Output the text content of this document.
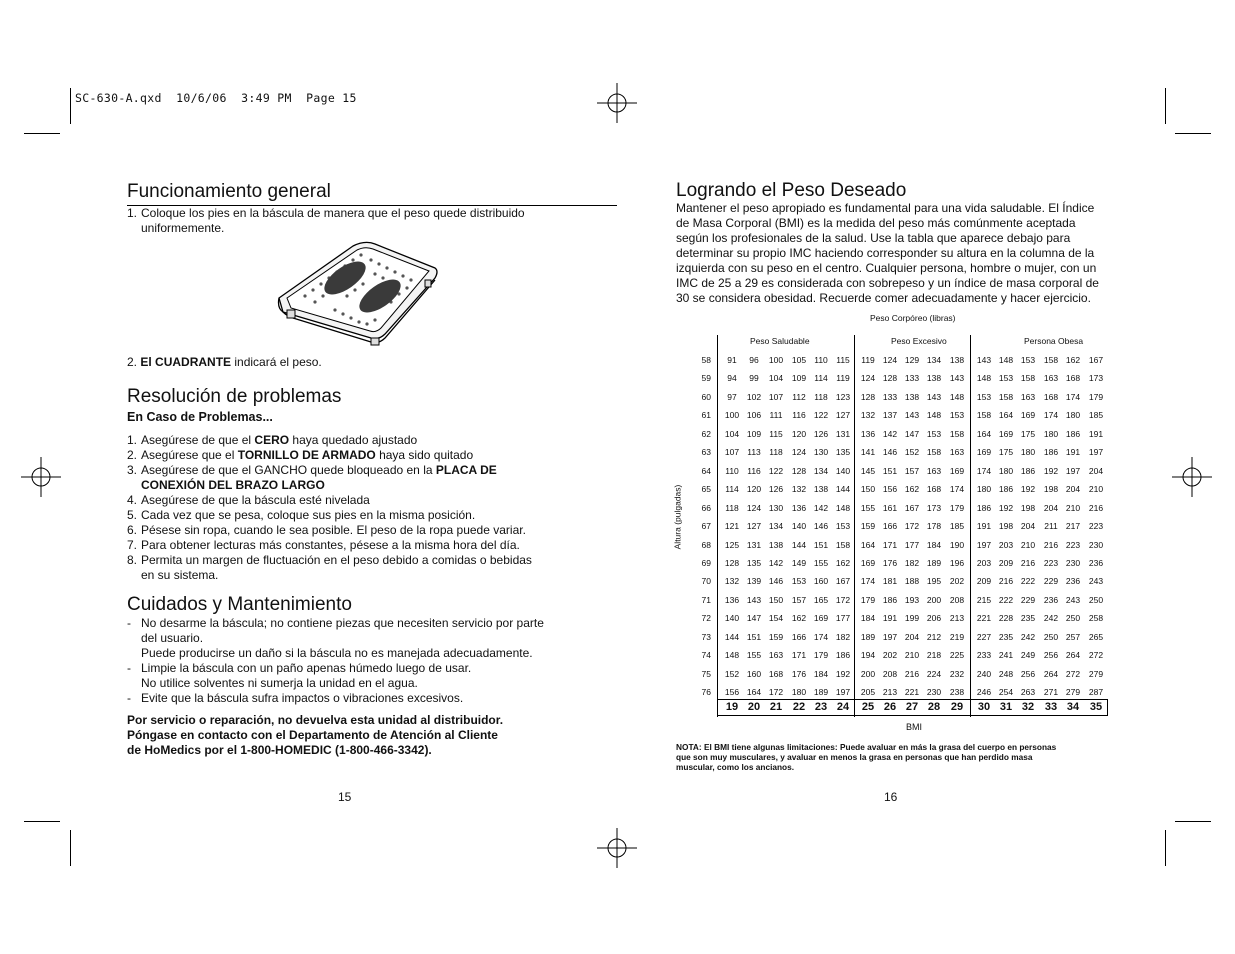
SC-630-A.qxd  10/6/06  3:49 PM  Page 15
Funcionamiento general
1. Coloque los pies en la báscula de manera que el peso quede distribuido
uniformemente.
2. El CUADRANTE indicará el peso.
Resolución de problemas
En Caso de Problemas...
1. Asegúrese de que el CERO haya quedado ajustado
2. Asegúrese que el TORNILLO DE ARMADO haya sido quitado
3. Asegúrese de que el GANCHO quede bloqueado en la PLACA DE
CONEXIÓN DEL BRAZO LARGO
4. Asegúrese de que la báscula esté nivelada
5. Cada vez que se pesa, coloque sus pies en la misma posición.
6. Pésese sin ropa, cuando le sea posible. El peso de la ropa puede variar.
7. Para obtener lecturas más constantes, pésese a la misma hora del día.
8. Permita un margen de fluctuación en el peso debido a comidas o bebidas
en su sistema.
Cuidados y Mantenimiento
- No desarme la báscula; no contiene piezas que necesiten servicio por parte
del usuario.
Puede producirse un daño si la báscula no es manejada adecuadamente.
- Limpie la báscula con un paño apenas húmedo luego de usar.
No utilice solventes ni sumerja la unidad en el agua.
- Evite que la báscula sufra impactos o vibraciones excesivos.
Por servicio o reparación, no devuelva esta unidad al distribuidor.
Póngase en contacto con el Departamento de Atención al Cliente
de HoMedics por el 1-800-HOMEDIC (1-800-466-3342).
15
Logrando el Peso Deseado
Mantener el peso apropiado es fundamental para una vida saludable. El Índice
de Masa Corporal (BMI) es la medida del peso más comúnmente aceptada
según los profesionales de la salud. Use la tabla que aparece debajo para
determinar su propio IMC haciendo corresponder su altura en la columna de la
izquierda con su peso en el centro. Cualquier persona, hombre o mujer, con un
IMC de 25 a 29 es considerada con sobrepeso y un índice de masa corporal de
30 se considera obesidad. Recuerde comer adecuadamente y hacer ejercicio.
Peso Corpóreo (libras)
Peso Saludable	Peso Excesivo	Persona Obesa
Altura (pulgadas)
58	91	96	100	105 110 115	119 124 129 134	138	143 148 153	158 162	167
59	94	99	104	109 114 119	124 128 133 138	143	148 153 158	163 168	173
60	97	102 107	112 118 123	128 133 138 143	148	153 158 163	168 174	179
61	100 106 111	116 122 127	132 137 143 148	153	158 164 169	174 180	185
62	104 109 115	120 126 131	136 142 147 153	158	164 169 175	180 186	191
63	107 113 118	124 130 135	141 146 152 158	163	169 175 180	186 191	197
64	110 116 122	128 134 140	145 151 157 163	169	174 180 186	192 197	204
65	114 120 126	132 138 144	150 156 162 168	174	180 186 192	198 204	210
66	118 124 130	136 142 148	155 161 167 173	179	186 192 198	204 210	216
67	121 127 134	140 146 153	159 166 172 178	185	191 198 204	211 217	223
68	125 131 138	144 151 158	164 171 177 184	190	197 203 210	216 223	230
69	128 135 142	149 155 162	169 176 182 189	196	203 209 216	223 230	236
70	132 139 146	153 160 167	174 181 188 195	202	209 216 222	229 236	243
71	136 143 150	157 165 172	179 186 193 200	208	215 222 229	236 243	250
72	140 147 154	162 169 177	184 191 199 206	213	221 228 235	242 250	258
73	144 151 159	166 174 182	189 197 204 212	219	227 235 242	250 257	265
74	148 155 163	171 179 186	194 202 210 218	225	233 241 249	256 264	272
75	152 160 168	176 184 192	200 208 216 224	232	240 248 256	264 272	279
76	156 164 172	180 189 197	205 213 221 230	238	246 254 263	271 279	287
19 20 21 22 23 24	25 26 27 28 29	30 31 32 33 34 35
BMI
NOTA: El BMI tiene algunas limitaciones: Puede avaluar en más la grasa del cuerpo en personas
que son muy musculares, y avaluar en menos la grasa en personas que han perdido masa
muscular, como los ancianos.
16
